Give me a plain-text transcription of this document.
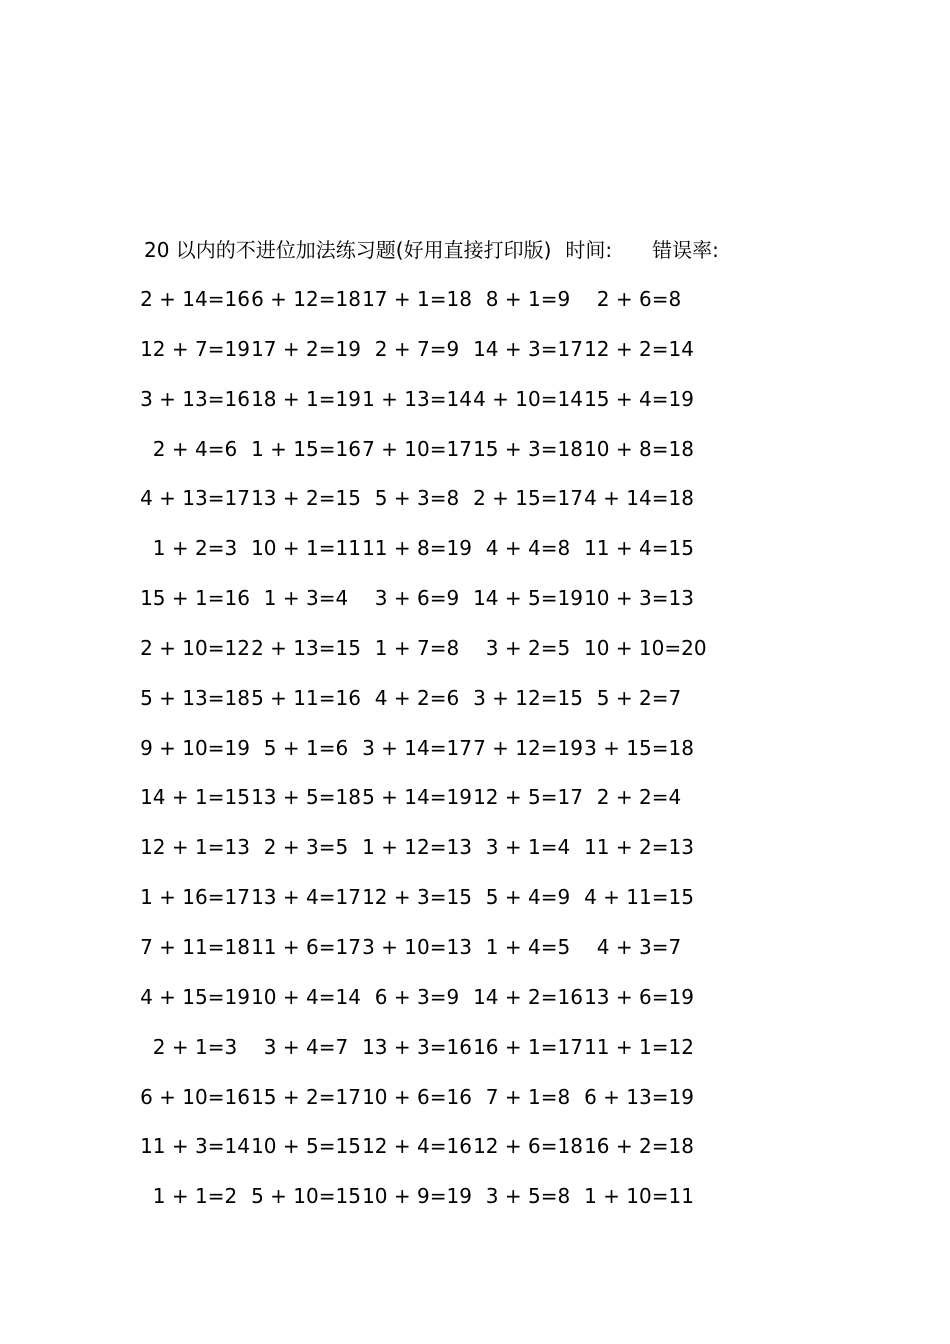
20 以内的不进位加法练习题(好用直接打印版) 时间: 错误率:
2 + 14=16 6 + 12=18 17 + 1=18 8 + 1=9	2 + 6=8
12 + 7=19 17 + 2=19 2 + 7=9 14 + 3=17 12 + 2=14
3 + 13=16 18 + 1=19 1 + 13=14 4 + 10=14 15 + 4=19
2 + 4=6 1 + 15=16 7 + 10=17 15 + 3=18 10 + 8=18
4 + 13=17 13 + 2=15 5 + 3=8 2 + 15=17 4 + 14=18
1 + 2=3 10 + 1=11 11 + 8=19 4 + 4=8 11 + 4=15
15 + 1=16 1 + 3=4	3 + 6=9 14 + 5=19 10 + 3=13
2 + 10=12 2 + 13=15 1 + 7=8	3 + 2=5 10 + 10=20
5 + 13=18 5 + 11=16 4 + 2=6 3 + 12=15 5 + 2=7
9 + 10=19 5 + 1=6 3 + 14=17 7 + 12=19 3 + 15=18
14 + 1=15 13 + 5=18 5 + 14=19 12 + 5=17 2 + 2=4
12 + 1=13 2 + 3=5 1 + 12=13 3 + 1=4 11 + 2=13
1 + 16=17 13 + 4=17 12 + 3=15 5 + 4=9 4 + 11=15
7 + 11=18 11 + 6=17 3 + 10=13 1 + 4=5	4 + 3=7
4 + 15=19 10 + 4=14 6 + 3=9 14 + 2=16 13 + 6=19
2 + 1=3	3 + 4=7 13 + 3=16 16 + 1=17 11 + 1=12
6 + 10=16 15 + 2=17 10 + 6=16 7 + 1=8 6 + 13=19
11 + 3=14 10 + 5=15 12 + 4=16 12 + 6=18 16 + 2=18
1 + 1=2 5 + 10=15 10 + 9=19 3 + 5=8 1 + 10=11
